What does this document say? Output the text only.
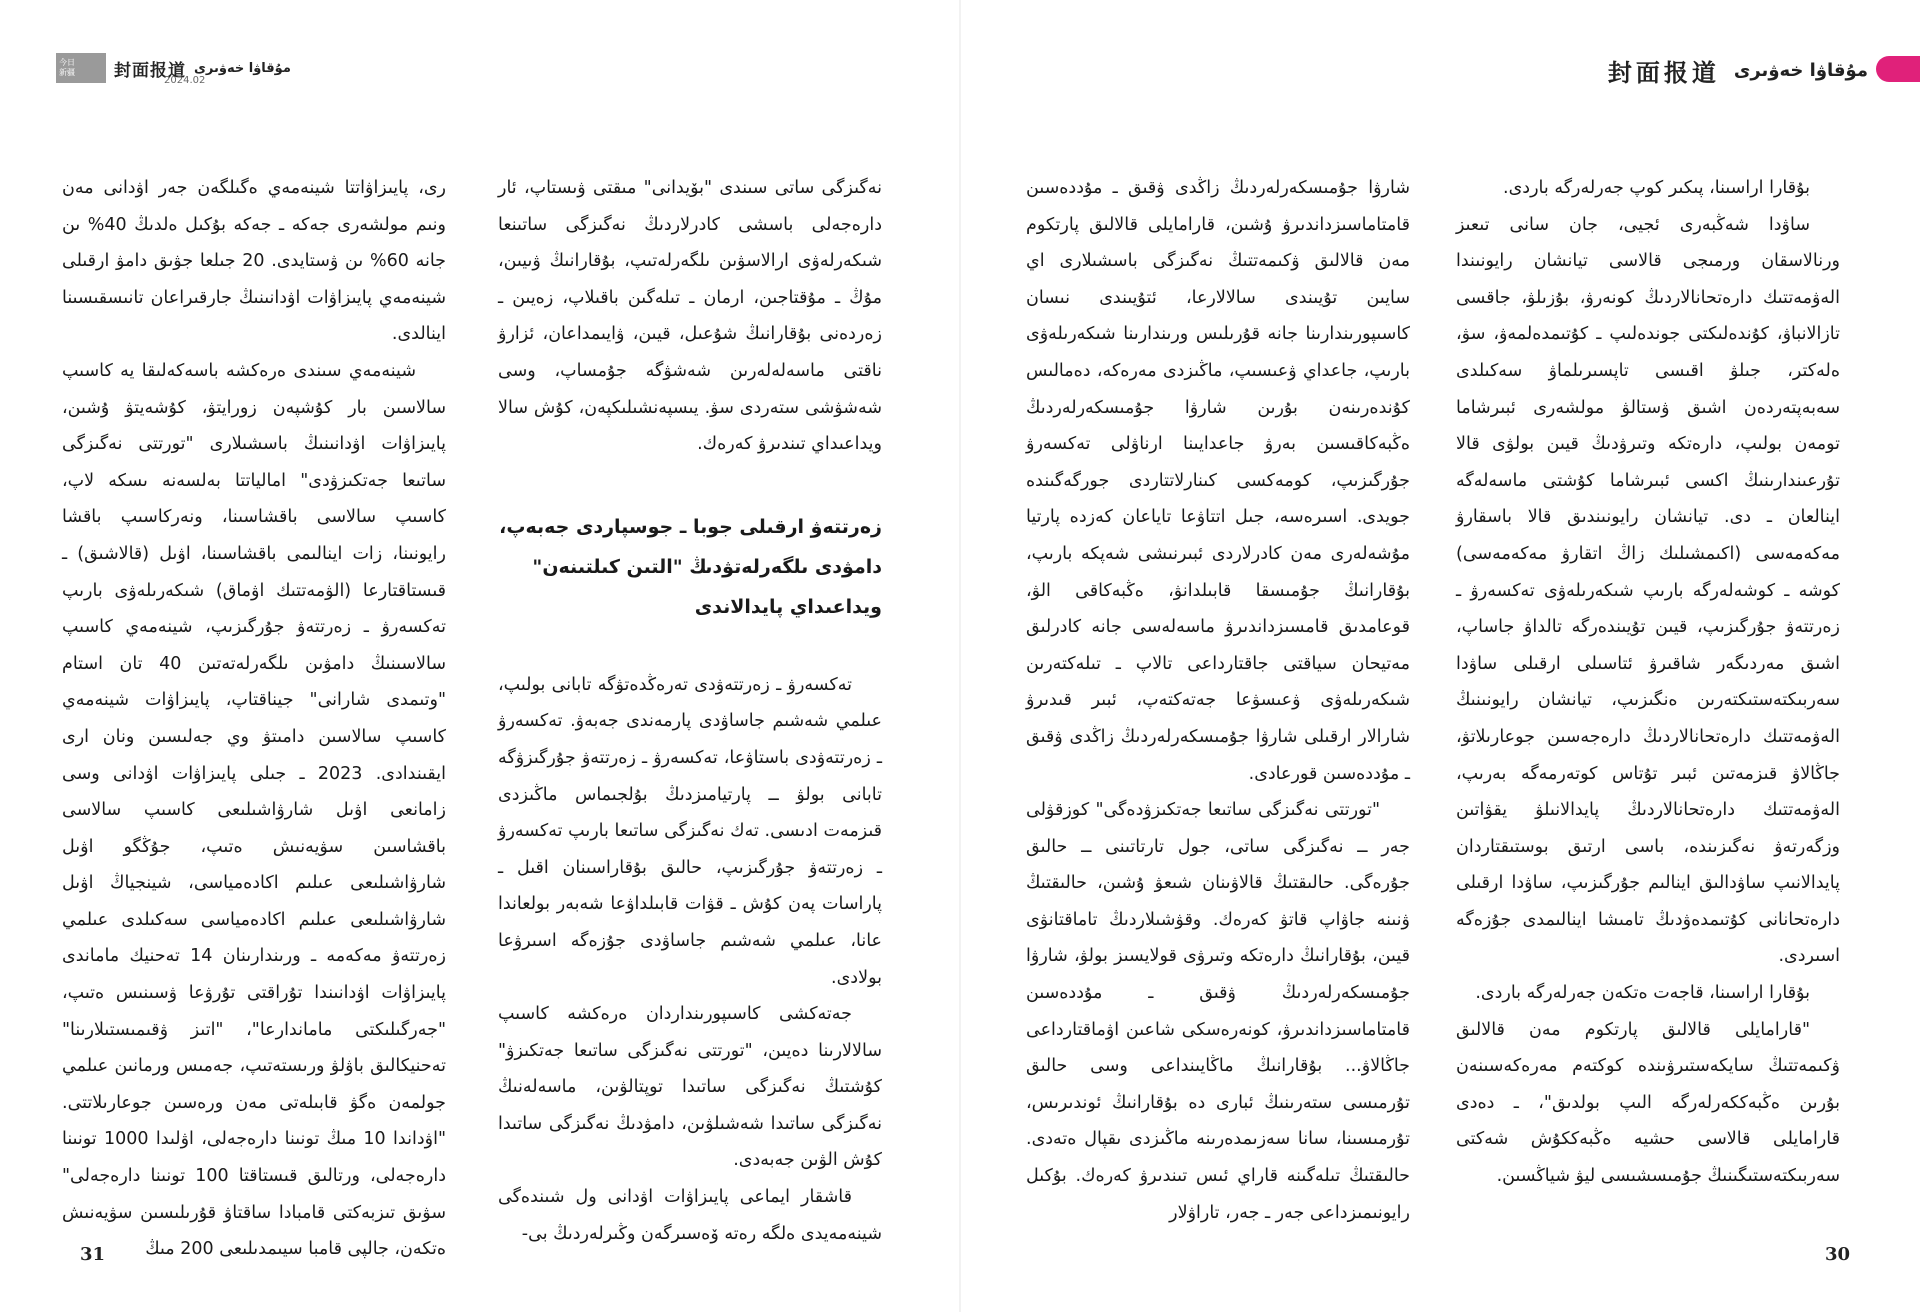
今日
新疆 封面报道 مۇقاۋا خەۋىرى
2024.02

نەگىزگى ساتى سىندى "بۆيدانى" مىقتى ۋىستاپ، ئار دارەجەلى باسشى كادرلاردىڭ نەگىزگى ساتىنعا شىكەرلەۋى ارالاسۋىن ىلگەرلەتىپ، بۇقارانىڭ ۋىيىن، مۇڭ ـ مۇقتاجىن، ارمان ـ تىلەگىن باقىلاپ، زەيىن ـ زەردەنى بۇقارانىڭ شۇعىل، قيىن، ۋايىمداعان، ئزارۋ ناقتى ماسەلەلەرىن شەشۋگە جۇمساپ، وسى شەشۋشى ستەردى سۋ. يىسپەنشىلىكپەن، كۇش سالا ويداعىداي تىندىرۋ كەرەك.

زەرتتەۋ ارقىلى جوبا ـ جوسپاردى جەبەپ، دامۋدى ىلگەرلەتۋدىڭ "التىن كىلتىنەن" ويداعىداي پايدالاندى

تەكسەرۋ ـ زەرتتەۋدى تەرەڭدەتۋگە تابانى بولىپ، عىلمي شەشىم جاساۋدى پارمەندى جەبەۋ. تەكسەرۋ ـ زەرتتەۋدى باستاۋعا، تەكسەرۋ ـ زەرتتەۋ جۇرگىزۋگە تابانى بولۋ ــ پارتيامىزدىڭ بۇلجىماس ماڭىزدى قىزمەت ادىسى. تەك نەگىزگى ساتىعا بارىپ تەكسەرۋ ـ زەرتتەۋ جۇرگىزىپ، حالىق بۇقاراسىنان اقىل ـ پاراسات پەن كۇش ـ قۋات قابىلداۋعا شەبەر بولعاندا عانا، عىلمي شەشىم جاساۋدى جۇزەگە اسىرۋعا بولادى.

جەتەكشى كاسىپورىنداردان ەرەكشە كاسىپ سالالارىنا دەيىن، "تورتتى نەگىزگى ساتىعا جەتكىزۋ" كۇشتىڭ نەگىزگى ساتىدا توپتالۋىن، ماسەلەنىڭ نەگىزگى ساتىدا شەشىلۋىن، دامۋدىڭ نەگىزگى ساتىدا كۇش الۋىن جەبەدى.

قاشقار ايماعى پايىزاۋات اۋدانى ول شىندەگى شينەمەيدى ەلگە رەتە ۆەسىرگەن وڭىرلەردىڭ بى-

رى، پايىزاۋاتتا شينەمەي ەگىلگەن جەر اۋدانى مەن ونىم مولشەرى جەكە ـ جەكە بۇكىل ەلدىڭ 40% ىن جانە 60% ىن ۋستايدى. 20 جىلعا جۋىق دامۋ ارقىلى شينەمەي پايىزاۋات اۋدانىنىڭ جارقىراعان تانىسقىسىنا اينالدى.

شينەمەي سىندى ەرەكشە باسەكەلىقا يە كاسىپ سالاسىن بار كۇشپەن زورايتۋ، كۇشەيتۋ ۇشىن، پايىزاۋات اۋدانىنىڭ باسشىلارى "تورتتى نەگىزگى ساتىعا جەتكىزۋدى" امالياتتا بەلسەنە ىسكە لاپ، كاسىپ سالاسى باقشاسىنا، ونەركاسىپ باقشا رايونىنا، زات اينالىمى باقشاسىنا، اۋىل (قالاشىق) ـ قىستاقتارعا (الۋمەتتىك اۋماق) شىكەرىلەۋى بارىپ تەكسەرۋ ـ زەرتتەۋ جۇرگىزىپ، شينەمەي كاسىپ سالاسىنىڭ دامۋىن ىلگەرلەتەتىن 40 تان استام "وتىمدى شارانى" جيناقتاپ، پايىزاۋات شينەمەي كاسىپ سالاسىن دامىتۋ وي جەلىسىن ونان ارى ايقىندادى. 2023 ـ جىلى پايىزاۋات اۋدانى وسى زامانعى اۋىل شارۋاشىلىعى كاسىپ سالاسى باقشاسىن سۋيەنىش ەتىپ، جۇڭگو اۋىل شارۋاشىلىعى عىلىم اكادەمياسى، شينجياڭ اۋىل شارۋاشىلىعى عىلىم اكادەمياسى سەكىلدى عىلمي زەرتتەۋ مەكەمە ـ ورىندارىنان 14 تەحنيك ماماندى پايىزاۋات اۋدانىندا تۇراقتى تۇرۋعا ۋسىنىس ەتىپ، "جەرگىلىكتى ماماندارعا"، "اتىز ۋقىمىستىلارىنا" تەحنيكالىق باۋلۋ ورىستەتىپ، جەمىس ورمانىن عىلمي جولمەن ەگۋ قابىلەتى مەن ورەسىن جوعارىلاتتى. "اۋداندا 10 مىڭ تونىنا دارەجەلى، اۋلىدا 1000 تونىنا دارەجەلى، ورتالىق قىستاقتا 100 تونىنا دارەجەلى" سۋىق تىزبەكتى قامبادا ساقتاۋ قۇرىلىسىن سۋيەنىش ەتكەن، جالپى قامبا سيىمدىلىعى 200 مىڭ

31
封面报道 مۇقاۋا خەۋىرى

بۇقارا اراسىنا، پىكىر كوپ جەرلەرگە باردى.

ساۋدا شەڭبەرى ئجيى، جان سانى تىعىز ورنالاسقان ورمىجى قالاسى تيانشان رايونىندا الەۋمەتتىك دارەتحانالاردىڭ كونەرۋ، بۇزىلۋ، جاقسى تازالانباۋ، كۇندەلىكتى جوندەلىپ ـ كۇتىمدەلمەۋ، سۋ، ەلەكتر، جىلۋ اقىسى تاپسىرىلماۋ سەكىلدى سەبەپتەردەن اشىق ۋستالۋ مولشەرى ئبىرشاما تومەن بولىپ، دارەتكە وتىرۋدىڭ قيىن بولۋى قالا تۇرعىندارىنىڭ اكسى ئبىرشاما كۇشتى ماسەلەگە اينالعان ـ دى. تيانشان رايونىندىق قالا باسقارۋ مەكەمەسى (اكىمشىلىك زاڭ اتقارۋ مەكەمەسى) كوشە ـ كوشەلەرگە بارىپ شىكەرىلەۋى تەكسەرۋ ـ زەرتتەۋ جۇرگىزىپ، قيىن تۇيىندەرگە تالداۋ جاساپ، اشىق مەردىگەر شاقىرۋ ئتاسىلى ارقىلى ساۋدا سەربىكتەستىكتەرىن ەنگىزىپ، تيانشان رايونىنىڭ الەۋمەتتىك دارەتحانالاردىڭ دارەجەسىن جوعارىلاتۋ، جاڭالاۋ قىزمەتىن ئبىر تۇتاس كوتەرمەگە بەرىپ، الەۋمەتتىك دارەتحانالاردىڭ پايدالانىلۋ يقۋاتىن وزگەرتەۋ نەگىزىندە، باسى ارتىق بوستىقتاردان پايدالانىپ ساۋدالىق اينالىم جۇرگىزىپ، ساۋدا ارقىلى دارەتحانانى كۇتىمدەۋدىڭ تامىشا اينالىمدى جۇزەگە اسىردى.

بۇقارا اراسىنا، قاجەت ەتكەن جەرلەرگە باردى.

"قارامايلى قالالىق پارتكوم مەن قالالىق ۋكىمەتتىڭ سايكەستىرۋىندە كوكتەم مەرەكەسىنەن بۇرىن ەڭبەككەرلەرگە الىپ بولدىق"، ـ دەدى قارامايلى قالاسى حشيە ەڭبەككۇش شەكتى سەربىكتەستىگىنىڭ جۇمىسشىسى ليۋ شياڭسىن.

شارۋا جۇمىسكەرلەردىڭ زاڭدى ۋقىق ـ مۇددەسىن قامتاماسىزداندىرۋ ۇشىن، قارامايلى قالالىق پارتكوم مەن قالالىق ۋكىمەتتىڭ نەگىزگى باسشىلارى اي سايىن تۇيىندى سالالارعا، ئتۇيىندى نىسان كاسىپورىندارىنا جانە قۇرىلىس ورىندارىنا شىكەرىلەۋى بارىپ، جاعداي ۋعىسىپ، ماڭىزدى مەرەكە، دەمالىس كۇندەرىنەن بۇرىن شارۋا جۇمىسكەرلەردىڭ ەڭبەكاقىسىن بەرۋ جاعدايىنا ارناۋلى تەكسەرۋ جۇرگىزىپ، كومەكسى كىنارلاتتاردى جورگەگىندە جويدى. اسىرەسە، جىل اتتاۋعا تاياعان كەزدە پارتيا مۇشەلەرى مەن كادرلاردى ئبىرنىشى شەپكە بارىپ، بۇقارانىڭ جۇمىسقا قابىلدانۋ، ەڭبەكاقى الۋ، قوعامدىق قامسىزداندىرۋ ماسەلەسى جانە كادرلىق مەتيحان سياقتى جاقتارداعى تالاپ ـ تىلەكتەرىن شىكەرىلەۋى ۋعىسۋعا جەتەكتەپ، ئبىر قىدىرۋ شارالار ارقىلى شارۋا جۇمىسكەرلەردىڭ زاڭدى ۋقىق ـ مۇددەسىن قورعادى.

"تورتتى نەگىزگى ساتىعا جەتكىزۋدەگى" كوزقۋلى جەر ــ نەگىزگى ساتى، جول تارتاتىنى ــ حالىق جۇرەگى. حالىقتىڭ قالاۋىنان شىعۋ ۇشىن، حالىقتىڭ ۋنىنە جاۋاپ قاتۋ كەرەك. وقۋشىلاردىڭ تاماقتانۋى قيىن، بۇقارانىڭ دارەتكە وتىرۋى قولايسىز بولۋ، شارۋا جۇمىسكەرلەردىڭ ۋقىق ـ مۇددەسىن قامتاماسىزداندىرۋ، كونەرەسكى شاعىن اۋماقتارداعى جاڭالاۋ... بۇقارانىڭ ماڭايىنداعى وسى حالىق تۇرمىسى ستەرىنىڭ ئبارى دە بۇقارانىڭ ئوندىرىس، تۇرمىسىنا، سانا سەزىمدەرىنە ماڭىزدى ىقپال ەتەدى. حالىقتىڭ تىلەگىنە قاراي ئىس تىندىرۋ كەرەك. بۇكىل رايونىمىزداعى جەر ـ جەر، تاراۋلار

30
